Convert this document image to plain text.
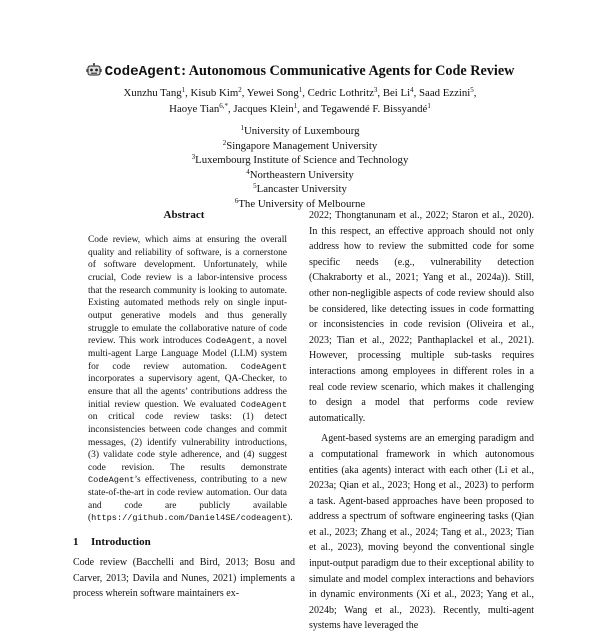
CodeAgent: Autonomous Communicative Agents for Code Review
Xunzhu Tang$^1$, Kisub Kim$^2$, Yewei Song$^1$, Cedric Lothritz$^3$, Bei Li$^4$, Saad Ezzini$^5$,
Haoye Tian$^{6,*}$, Jacques Klein$^1$, and Tegawendé F. Bissyandé$^1$
$^1$University of Luxembourg
$^2$Singapore Management University
$^3$Luxembourg Institute of Science and Technology
$^4$Northeastern University
$^5$Lancaster University
$^6$The University of Melbourne
Abstract
Code review, which aims at ensuring the overall quality and reliability of software, is a cornerstone of software development. Unfortunately, while crucial, Code review is a labor-intensive process that the research community is looking to automate. Existing automated methods rely on single input-output generative models and thus generally struggle to emulate the collaborative nature of code review. This work introduces CodeAgent, a novel multi-agent Large Language Model (LLM) system for code review automation. CodeAgent incorporates a supervisory agent, QA-Checker, to ensure that all the agents’ contributions address the initial review question. We evaluated CodeAgent on critical code review tasks: (1) detect inconsistencies between code changes and commit messages, (2) identify vulnerability introductions, (3) validate code style adherence, and (4) suggest code revision. The results demonstrate CodeAgent’s effectiveness, contributing to a new state-of-the-art in code review automation. Our data and code are publicly available (https://github.com/Daniel4SE/codeagent).
1 Introduction

Code review (Bacchelli and Bird, 2013; Bosu and Carver, 2013; Davila and Nunes, 2021) implements a process wherein software maintainers ex-

2022; Thongtanunam et al., 2022; Staron et al., 2020). In this respect, an effective approach should not only address how to review the submitted code for some specific needs (e.g., vulnerability detection (Chakraborty et al., 2021; Yang et al., 2024a)). Still, other non-negligible aspects of code review should also be considered, like detecting issues in code formatting or inconsistencies in code revision (Oliveira et al., 2023; Tian et al., 2022; Panthaplackel et al., 2021). However, processing multiple sub-tasks requires interactions among employees in different roles in a real code review scenario, which makes it challenging to design a model that performs code review automatically.

Agent-based systems are an emerging paradigm and a computational framework in which autonomous entities (aka agents) interact with each other (Li et al., 2023a; Qian et al., 2023; Hong et al., 2023) to perform a task. Agent-based approaches have been proposed to address a spectrum of software engineering tasks (Qian et al., 2023; Zhang et al., 2024; Tang et al., 2023; Tian et al., 2023), moving beyond the conventional single input-output paradigm due to their exceptional ability to simulate and model complex interactions and behaviors in dynamic environments (Xi et al., 2023; Yang et al., 2024b; Wang et al., 2023). Recently, multi-agent systems have leveraged the
